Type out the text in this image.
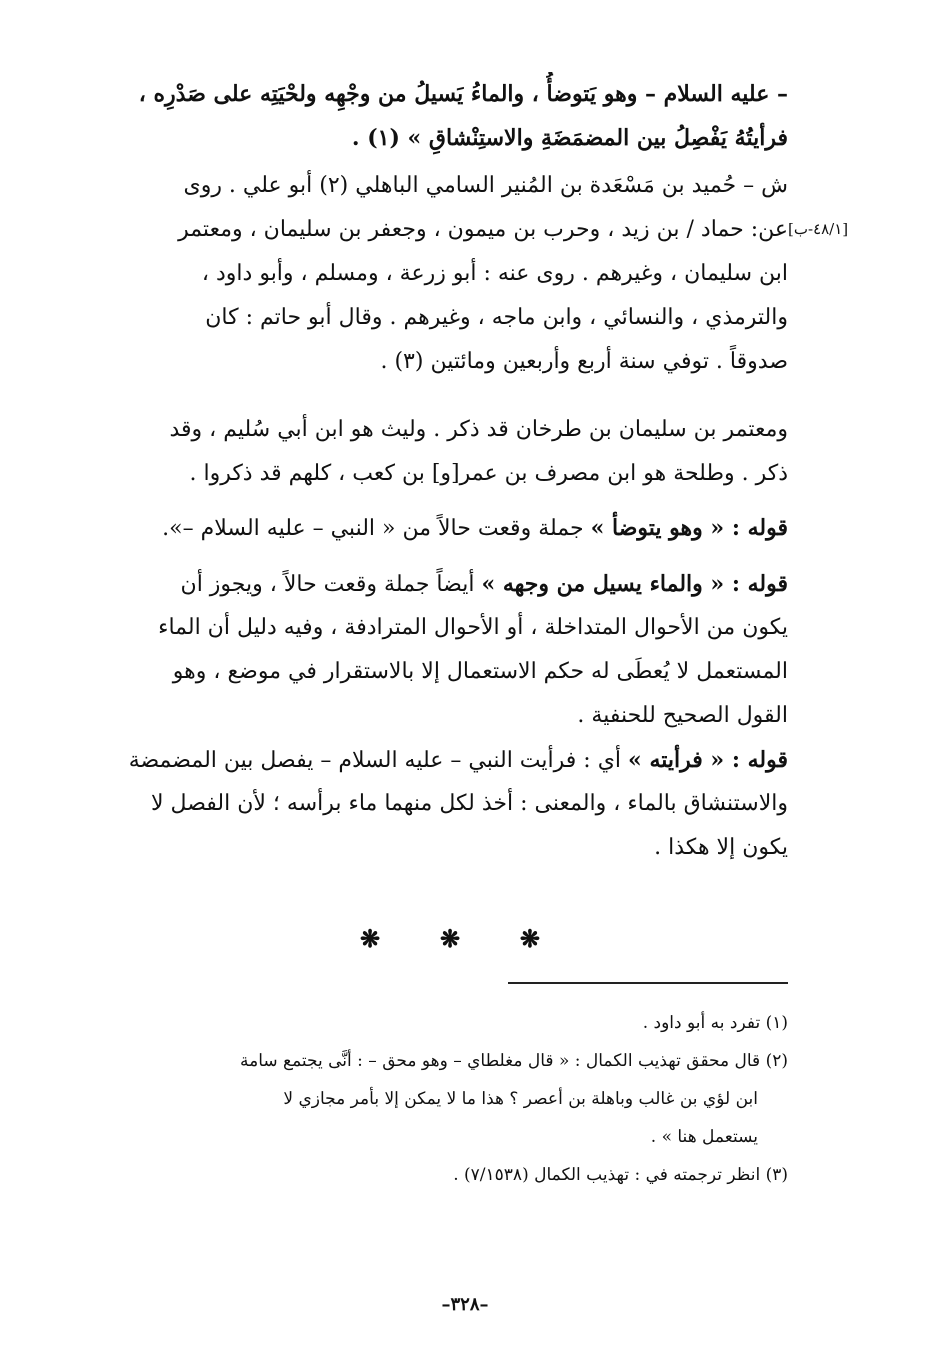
– عليه السلام – وهو يَتوضأُ ، والماءُ يَسيلُ من وجْهِه ولحْيَتِه على صَدْرِه ،
فرأيتُهُ يَفْصِلُ بين المضمَضَةِ والاستِنْشاقِ » (١) .
[٤٨/١-ب]
ش – حُميد بن مَسْعَدة بن المُنير السامي الباهلي (٢) أبو علي . روى
عن: حماد / بن زيد ، وحرب بن ميمون ، وجعفر بن سليمان ، ومعتمر
ابن سليمان ، وغيرهم . روى عنه : أبو زرعة ، ومسلم ، وأبو داود ،
والترمذي ، والنسائي ، وابن ماجه ، وغيرهم . وقال أبو حاتم : كان
صدوقاً . توفي سنة أربع وأربعين ومائتين (٣) .
ومعتمر بن سليمان بن طرخان قد ذكر . وليث هو ابن أبي سُليم ، وقد
ذكر . وطلحة هو ابن مصرف بن عمر[و] بن كعب ، كلهم قد ذكروا .
قوله : « وهو يتوضأ » جملة وقعت حالاً من « النبي – عليه السلام –».
قوله : « والماء يسيل من وجهه » أيضاً جملة وقعت حالاً ، ويجوز أن
يكون من الأحوال المتداخلة ، أو الأحوال المترادفة ، وفيه دليل أن الماء
المستعمل لا يُعطَى له حكم الاستعمال إلا بالاستقرار في موضع ، وهو
القول الصحيح للحنفية .
قوله : « فرأيته » أي : فرأيت النبي – عليه السلام – يفصل بين المضمضة
والاستنشاق بالماء ، والمعنى : أخذ لكل منهما ماء برأسه ؛ لأن الفصل لا
يكون إلا هكذا .
❋ ❋ ❋
(١) تفرد به أبو داود .
(٢) قال محقق تهذيب الكمال : « قال مغلطاي – وهو محق – : أنَّى يجتمع سامة
ابن لؤي بن غالب وباهلة بن أعصر ؟ هذا ما لا يمكن إلا بأمر مجازي لا
يستعمل هنا » .
(٣) انظر ترجمته في : تهذيب الكمال (٧/١٥٣٨) .
–٣٢٨–
